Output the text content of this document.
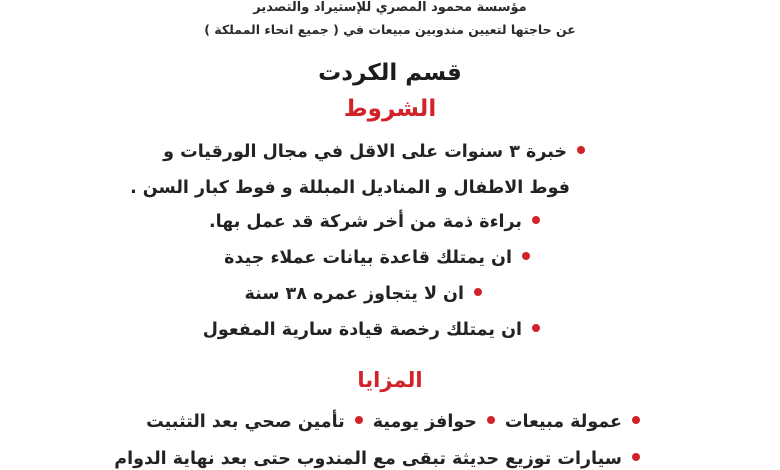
مؤسسة محمود المصري للإستيراد والتصدير
عن حاجتها لتعيين مندوبين مبيعات في ( جميع انحاء المملكة )
قسم الكردت
الشروط
خبرة ٣ سنوات على الاقل في مجال الورقيات و
فوط الاطفال و المناديل المبللة و فوط كبار السن .
براءة ذمة من أخر شركة قد عمل بها.
ان يمتلك قاعدة بيانات عملاء جيدة
ان لا يتجاوز عمره ٣٨ سنة
ان يمتلك رخصة قيادة سارية المفعول
المزايا
عمولة مبيعاتحوافز يوميةتأمين صحي بعد التثبيت
سيارات توزيع حديثة تبقى مع المندوب حتى بعد نهاية الدوام
